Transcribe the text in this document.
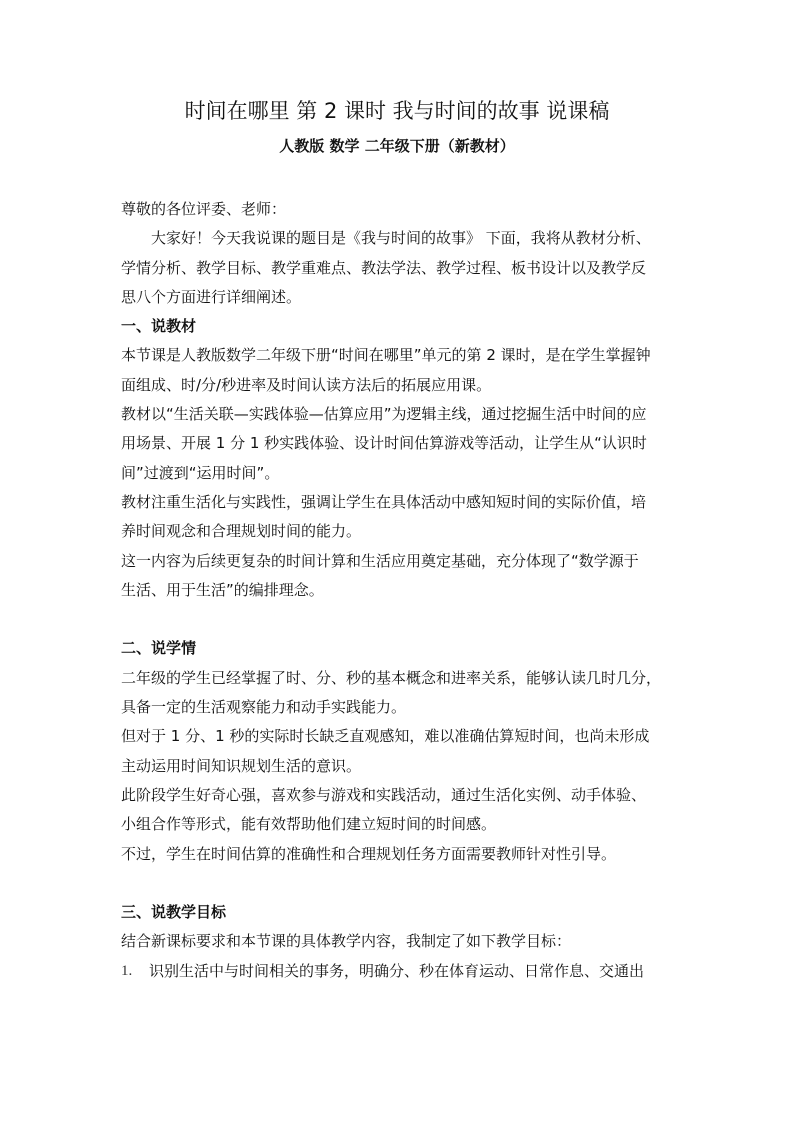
时间在哪里 第 2 课时 我与时间的故事 说课稿
人教版 数学 二年级下册（新教材）
尊敬的各位评委、老师：
大家好！今天我说课的题目是《我与时间的故事》 下面，我将从教材分析、
学情分析、教学目标、教学重难点、教法学法、教学过程、板书设计以及教学反
思八个方面进行详细阐述。
一、说教材
本节课是人教版数学二年级下册“时间在哪里”单元的第 2 课时，是在学生掌握钟
面组成、时/分/秒进率及时间认读方法后的拓展应用课。
教材以“生活关联—实践体验—估算应用”为逻辑主线，通过挖掘生活中时间的应
用场景、开展 1 分 1 秒实践体验、设计时间估算游戏等活动，让学生从“认识时
间”过渡到“运用时间”。
教材注重生活化与实践性，强调让学生在具体活动中感知短时间的实际价值，培
养时间观念和合理规划时间的能力。
这一内容为后续更复杂的时间计算和生活应用奠定基础，充分体现了“数学源于
生活、用于生活”的编排理念。
二、说学情
二年级的学生已经掌握了时、分、秒的基本概念和进率关系，能够认读几时几分，
具备一定的生活观察能力和动手实践能力。
但对于 1 分、1 秒的实际时长缺乏直观感知，难以准确估算短时间，也尚未形成
主动运用时间知识规划生活的意识。
此阶段学生好奇心强，喜欢参与游戏和实践活动，通过生活化实例、动手体验、
小组合作等形式，能有效帮助他们建立短时间的时间感。
不过，学生在时间估算的准确性和合理规划任务方面需要教师针对性引导。
三、说教学目标
结合新课标要求和本节课的具体教学内容，我制定了如下教学目标：
1.	识别生活中与时间相关的事务，明确分、秒在体育运动、日常作息、交通出
